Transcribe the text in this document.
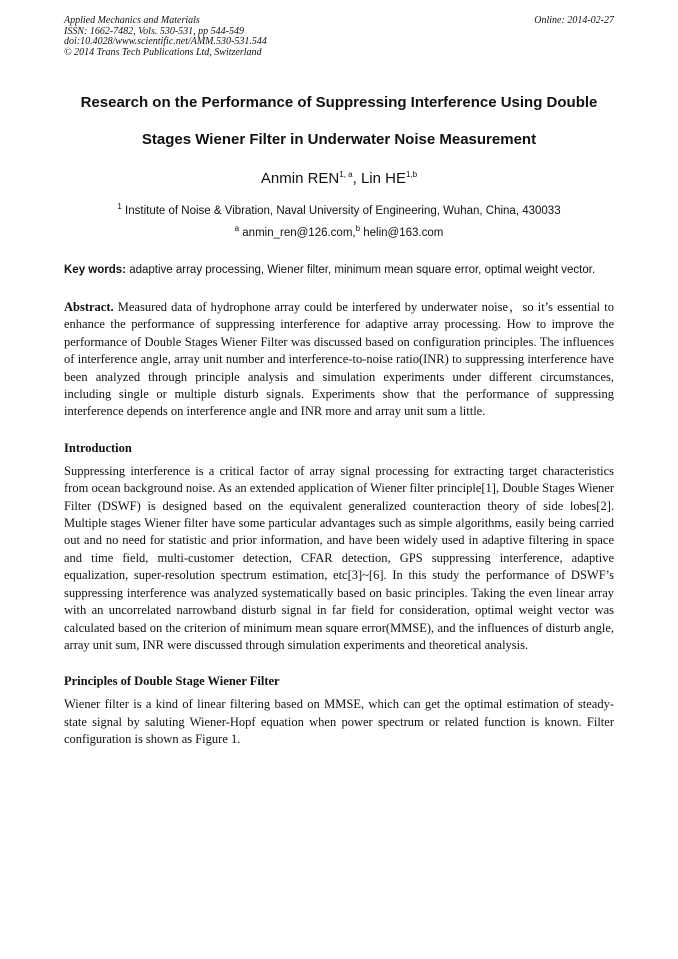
Applied Mechanics and Materials
ISSN: 1662-7482, Vols. 530-531, pp 544-549
doi:10.4028/www.scientific.net/AMM.530-531.544
© 2014 Trans Tech Publications Ltd, Switzerland
Online: 2014-02-27
Research on the Performance of Suppressing Interference Using Double
Stages Wiener Filter in Underwater Noise Measurement
Anmin REN$^{1, a}$, Lin HE$^{1,b}$
$^1$ Institute of Noise & Vibration, Naval University of Engineering, Wuhan, China, 430033
$^a$ anmin_ren@126.com,$^b$ helin@163.com
Key words: adaptive array processing, Wiener filter, minimum mean square error, optimal weight vector.
Abstract. Measured data of hydrophone array could be interfered by underwater noise，so it’s essential to enhance the performance of suppressing interference for adaptive array processing. How to improve the performance of Double Stages Wiener Filter was discussed based on configuration principles. The influences of interference angle, array unit number and interference-to-noise ratio(INR) to suppressing interference have been analyzed through principle analysis and simulation experiments under different circumstances, including single or multiple disturb signals. Experiments show that the performance of suppressing interference depends on interference angle and INR more and array unit sum a little.
Introduction
Suppressing interference is a critical factor of array signal processing for extracting target characteristics from ocean background noise. As an extended application of Wiener filter principle[1], Double Stages Wiener Filter (DSWF) is designed based on the equivalent generalized counteraction theory of side lobes[2]. Multiple stages Wiener filter have some particular advantages such as simple algorithms, easily being carried out and no need for statistic and prior information, and have been widely used in adaptive filtering in space and time field, multi-customer detection, CFAR detection, GPS suppressing interference, adaptive equalization, super-resolution spectrum estimation, etc[3]~[6]. In this study the performance of DSWF’s suppressing interference was analyzed systematically based on basic principles. Taking the even linear array with an uncorrelated narrowband disturb signal in far field for consideration, optimal weight vector was calculated based on the criterion of minimum mean square error(MMSE), and the influences of disturb angle, array unit sum, INR were discussed through simulation experiments and theoretical analysis.
Principles of Double Stage Wiener Filter
Wiener filter is a kind of linear filtering based on MMSE, which can get the optimal estimation of steady-state signal by saluting Wiener-Hopf equation when power spectrum or related function is known. Filter configuration is shown as Figure 1.
